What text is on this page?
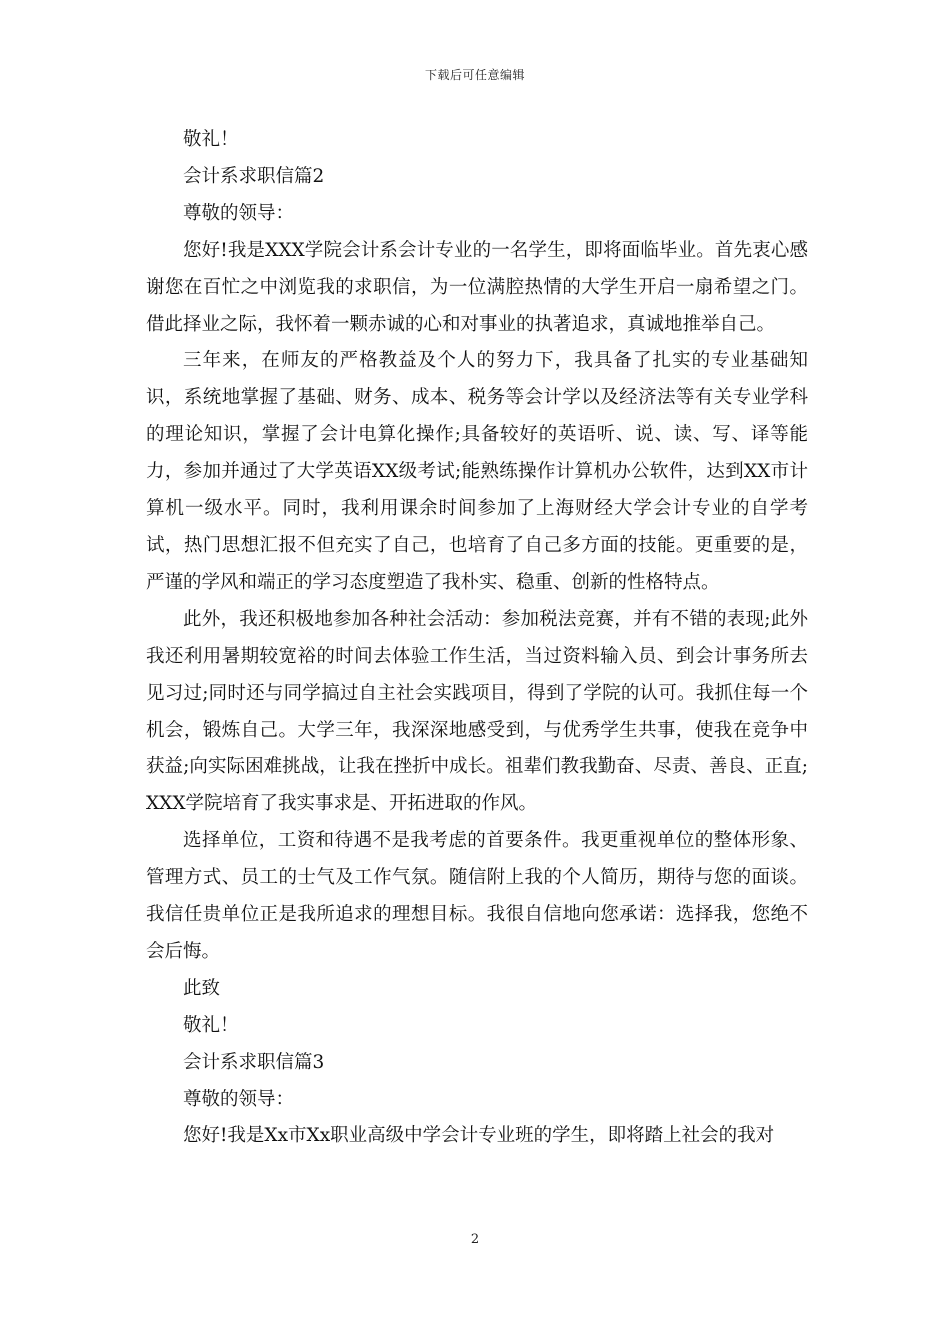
下载后可任意编辑

敬礼！

会计系求职信篇2

尊敬的领导：

您好!我是XXX学院会计系会计专业的一名学生，即将面临毕业。首先衷心感谢您在百忙之中浏览我的求职信，为一位满腔热情的大学生开启一扇希望之门。借此择业之际，我怀着一颗赤诚的心和对事业的执著追求，真诚地推举自己。

三年来，在师友的严格教益及个人的努力下，我具备了扎实的专业基础知识，系统地掌握了基础、财务、成本、税务等会计学以及经济法等有关专业学科的理论知识，掌握了会计电算化操作;具备较好的英语听、说、读、写、译等能力，参加并通过了大学英语XX级考试;能熟练操作计算机办公软件，达到XX市计算机一级水平。同时，我利用课余时间参加了上海财经大学会计专业的自学考试，热门思想汇报不但充实了自己，也培育了自己多方面的技能。更重要的是，严谨的学风和端正的学习态度塑造了我朴实、稳重、创新的性格特点。

此外，我还积极地参加各种社会活动：参加税法竞赛，并有不错的表现;此外我还利用暑期较宽裕的时间去体验工作生活，当过资料输入员、到会计事务所去见习过;同时还与同学搞过自主社会实践项目，得到了学院的认可。我抓住每一个机会，锻炼自己。大学三年，我深深地感受到，与优秀学生共事，使我在竞争中获益;向实际困难挑战，让我在挫折中成长。祖辈们教我勤奋、尽责、善良、正直;XXX学院培育了我实事求是、开拓进取的作风。

选择单位，工资和待遇不是我考虑的首要条件。我更重视单位的整体形象、管理方式、员工的士气及工作气氛。随信附上我的个人简历，期待与您的面谈。我信任贵单位正是我所追求的理想目标。我很自信地向您承诺：选择我，您绝不会后悔。

此致

敬礼！

会计系求职信篇3

尊敬的领导：

您好!我是Xx市Xx职业高级中学会计专业班的学生，即将踏上社会的我对

2
